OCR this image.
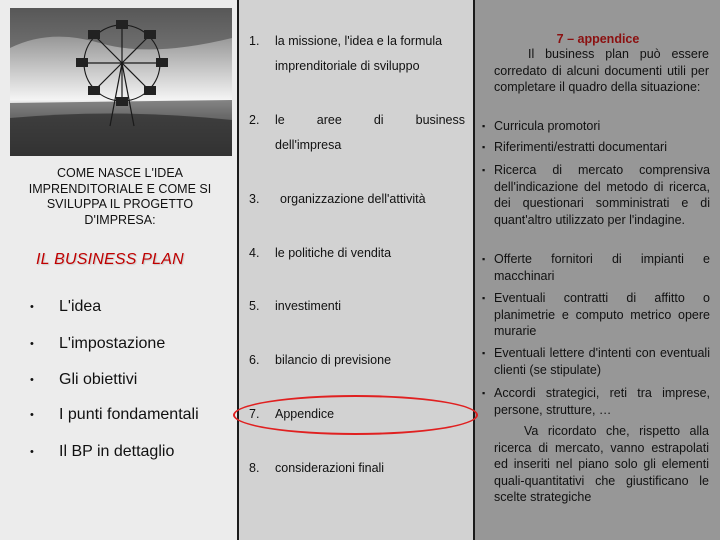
COME NASCE L'IDEA IMPRENDITORIALE E COME SI SVILUPPA IL PROGETTO D'IMPRESA:
IL BUSINESS PLAN
• L'idea
• L'impostazione
• Gli obiettivi
• I punti fondamentali
• Il BP in dettaglio
1. la missione, l'idea e la formula
imprenditoriale di sviluppo
2. le	aree	di	business
dell'impresa
3. organizzazione dell'attività
4. le politiche di vendita
5. investimenti
6. bilancio di previsione
7. Appendice
8. considerazioni finali
7 – appendice
Il business plan può essere corredato di alcuni documenti utili per completare il quadro della situazione:
▪ Curricula promotori
▪ Riferimenti/estratti documentari
▪ Ricerca di mercato comprensiva dell'indicazione del metodo di ricerca, dei questionari somministrati e di quant'altro utilizzato per l'indagine.
▪ Offerte fornitori di impianti e macchinari
▪ Eventuali contratti di affitto o planimetrie e computo metrico opere murarie
▪ Eventuali lettere d'intenti con eventuali clienti (se stipulate)
▪ Accordi strategici, reti tra imprese, persone, strutture, …
Va ricordato che, rispetto alla ricerca di mercato, vanno estrapolati ed inseriti nel piano solo gli elementi quali-quantitativi che giustificano le scelte strategiche
